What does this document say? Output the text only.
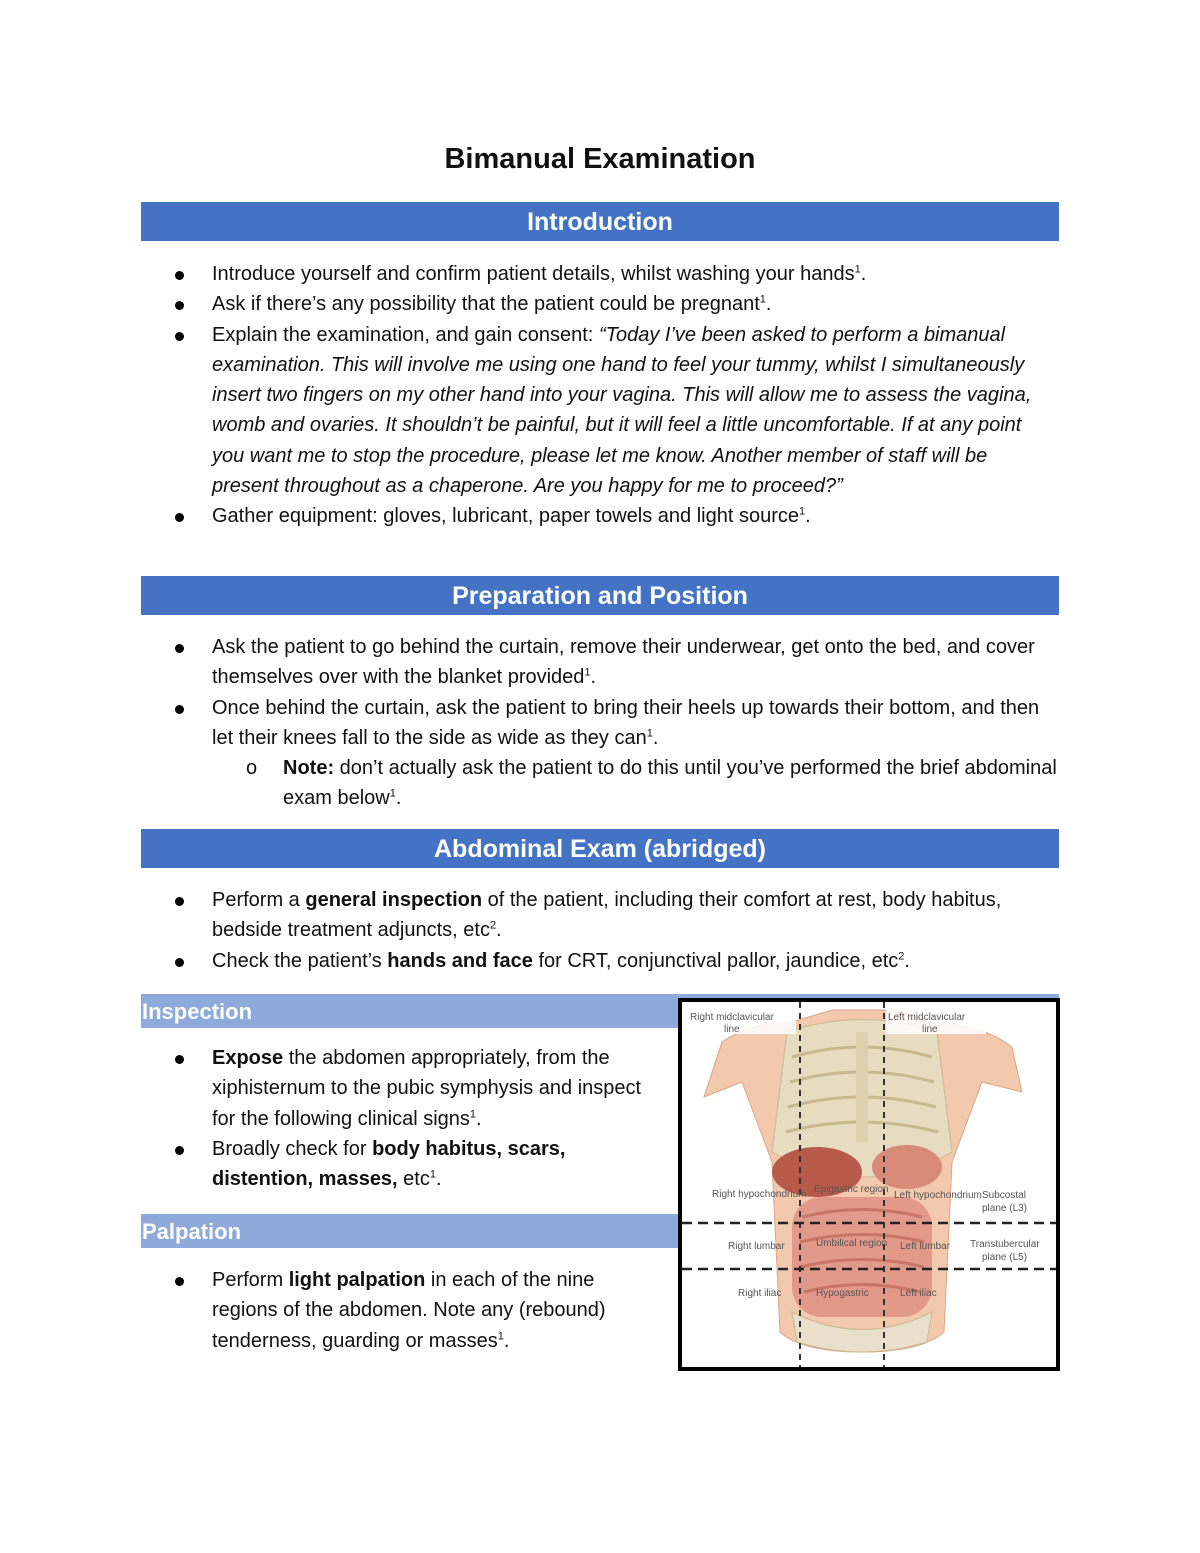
Bimanual Examination
Introduction
Introduce yourself and confirm patient details, whilst washing your hands$^1$.
Ask if there’s any possibility that the patient could be pregnant$^1$.
Explain the examination, and gain consent: “Today I’ve been asked to perform a bimanual examination. This will involve me using one hand to feel your tummy, whilst I simultaneously insert two fingers on my other hand into your vagina. This will allow me to assess the vagina, womb and ovaries. It shouldn’t be painful, but it will feel a little uncomfortable. If at any point you want me to stop the procedure, please let me know. Another member of staff will be present throughout as a chaperone. Are you happy for me to proceed?”
Gather equipment: gloves, lubricant, paper towels and light source$^1$.
Preparation and Position
Ask the patient to go behind the curtain, remove their underwear, get onto the bed, and cover themselves over with the blanket provided$^1$.
Once behind the curtain, ask the patient to bring their heels up towards their bottom, and then let their knees fall to the side as wide as they can$^1$.
o Note: don’t actually ask the patient to do this until you’ve performed the brief abdominal exam below$^1$.
Abdominal Exam (abridged)
Perform a general inspection of the patient, including their comfort at rest, body habitus, bedside treatment adjuncts, etc$^2$.
Check the patient’s hands and face for CRT, conjunctival pallor, jaundice, etc$^2$.
Inspection
Expose the abdomen appropriately, from the xiphisternum to the pubic symphysis and inspect for the following clinical signs$^1$.
Broadly check for body habitus, scars, distention, masses, etc$^1$.
Palpation
Perform light palpation in each of the nine regions of the abdomen. Note any (rebound) tenderness, guarding or masses$^1$.
Right midclavicular line
Left midclavicular line
Right hypochondrium Epigastric region
Left hypochondrium Subcostal plane (L3)
Right lumbar	Umbilical region Left lumbar Transtubercular plane (L5)
Right iliac	Hypogastric	Left iliac
